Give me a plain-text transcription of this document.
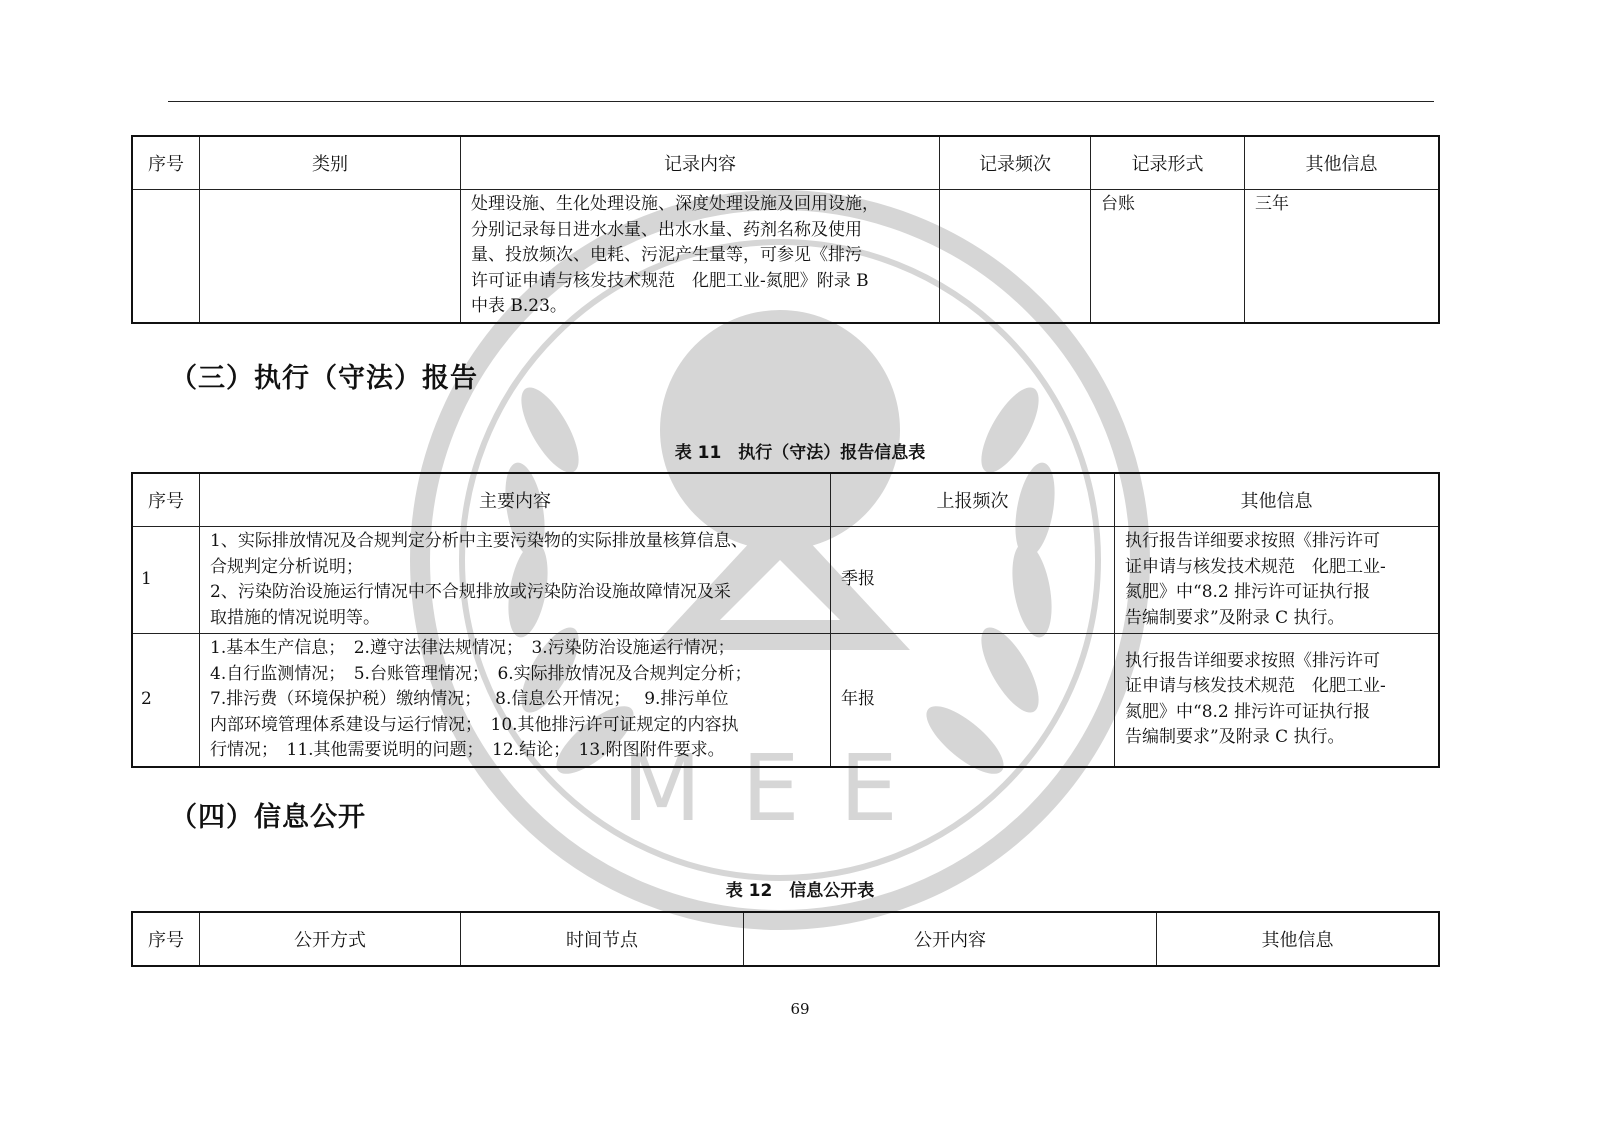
MEE
序号	类别	记录内容	记录频次	记录形式	其他信息

		处理设施、生化处理设施、深度处理设施及回用设施，
分别记录每日进水水量、出水水量、药剂名称及使用
量、投放频次、电耗、污泥产生量等，可参见《排污
许可证申请与核发技术规范　化肥工业-氮肥》附录 B
中表 B.23。		台账	三年
（三）执行（守法）报告
表 11　执行（守法）报告信息表
序号	主要内容	上报频次	其他信息
1	1、实际排放情况及合规判定分析中主要污染物的实际排放量核算信息、
合规判定分析说明；
2、污染防治设施运行情况中不合规排放或污染防治设施故障情况及采
取措施的情况说明等。	季报	执行报告详细要求按照《排污许可
证申请与核发技术规范　化肥工业-
氮肥》中“8.2 排污许可证执行报
告编制要求”及附录 C 执行。

2	1.基本生产信息；　2.遵守法律法规情况；　3.污染防治设施运行情况；
4.自行监测情况；　5.台账管理情况；　6.实际排放情况及合规判定分析；
7.排污费（环境保护税）缴纳情况；　 8.信息公开情况；　 9.排污单位
内部环境管理体系建设与运行情况；　10.其他排污许可证规定的内容执
行情况；　11.其他需要说明的问题；　12.结论；　13.附图附件要求。	年报	执行报告详细要求按照《排污许可
证申请与核发技术规范　化肥工业-
氮肥》中“8.2 排污许可证执行报
告编制要求”及附录 C 执行。
（四）信息公开
表 12　信息公开表
序号	公开方式	时间节点	公开内容	其他信息
69
